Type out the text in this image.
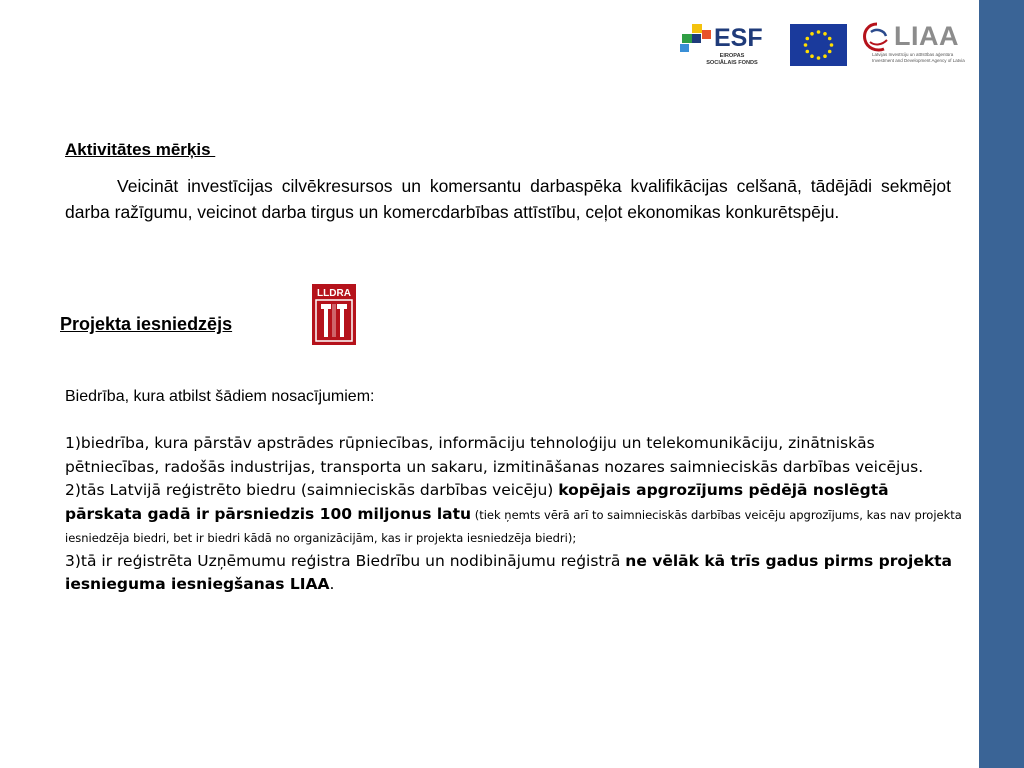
ESF
EIROPAS SOCIĀLAIS FONDS
LIAA
Latvijas Investīciju un attīstības aģentūra Investment and Development Agency of Latvia
Aktivitātes mērķis

Veicināt investīcijas cilvēkresursos un komersantu darbaspēka kvalifikācijas celšanā, tādējādi sekmējot darba ražīgumu, veicinot darba tirgus un komercdarbības attīstību, ceļot ekonomikas konkurētspēju.

Projekta iesniedzējs
LLDRA
Biedrība, kura atbilst šādiem nosacījumiem:

1)biedrība, kura pārstāv apstrādes rūpniecības, informāciju tehnoloģiju un telekomunikāciju, zinātniskās pētniecības, radošās industrijas, transporta un sakaru, izmitināšanas nozares saimnieciskās darbības veicējus.

2)tās Latvijā reģistrēto biedru (saimnieciskās darbības veicēju) kopējais apgrozījums pēdējā noslēgtā pārskata gadā ir pārsniedzis 100 miljonus latu (tiek ņemts vērā arī to saimnieciskās darbības veicēju apgrozījums, kas nav projekta iesniedzēja biedri, bet ir biedri kādā no organizācijām, kas ir projekta iesniedzēja biedri);

3)tā ir reģistrēta Uzņēmumu reģistra Biedrību un nodibinājumu reģistrā ne vēlāk kā trīs gadus pirms projekta iesnieguma iesniegšanas LIAA.
